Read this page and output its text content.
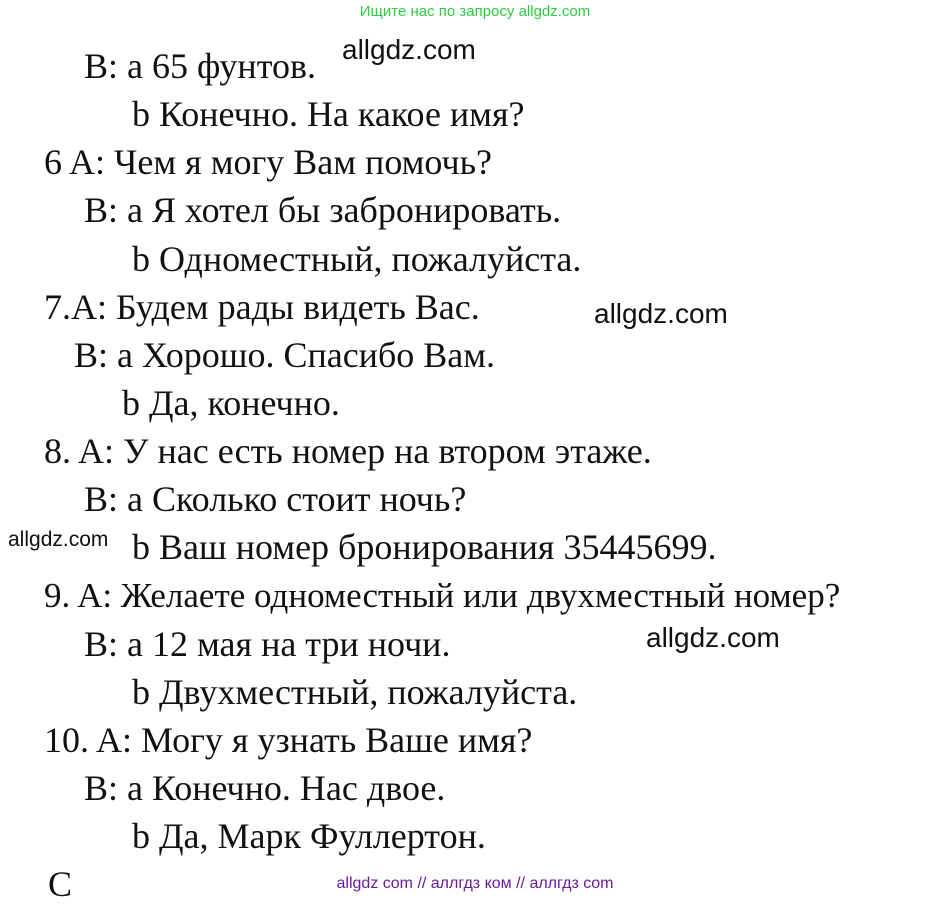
Ищите нас по запросу allgdz.com
B: a 65 фунтов.
b Конечно. На какое имя?
6 A: Чем я могу Вам помочь?
B: a Я хотел бы забронировать.
b Одноместный, пожалуйста.
7.A: Будем рады видеть Вас.
B: a Хорошо. Спасибо Вам.
b Да, конечно.
8. A: У нас есть номер на втором этаже.
B: a Сколько стоит ночь?
b Ваш номер бронирования 35445699.
9. A: Желаете одноместный или двухместный номер?
B: a 12 мая на три ночи.
b Двухместный, пожалуйста.
10. A: Могу я узнать Ваше имя?
B: a Конечно. Нас двое.
b Да, Марк Фуллертон.
C
allgdz.com
allgdz.com
allgdz.com
allgdz.com
allgdz com // аллгдз ком // аллгдз com
